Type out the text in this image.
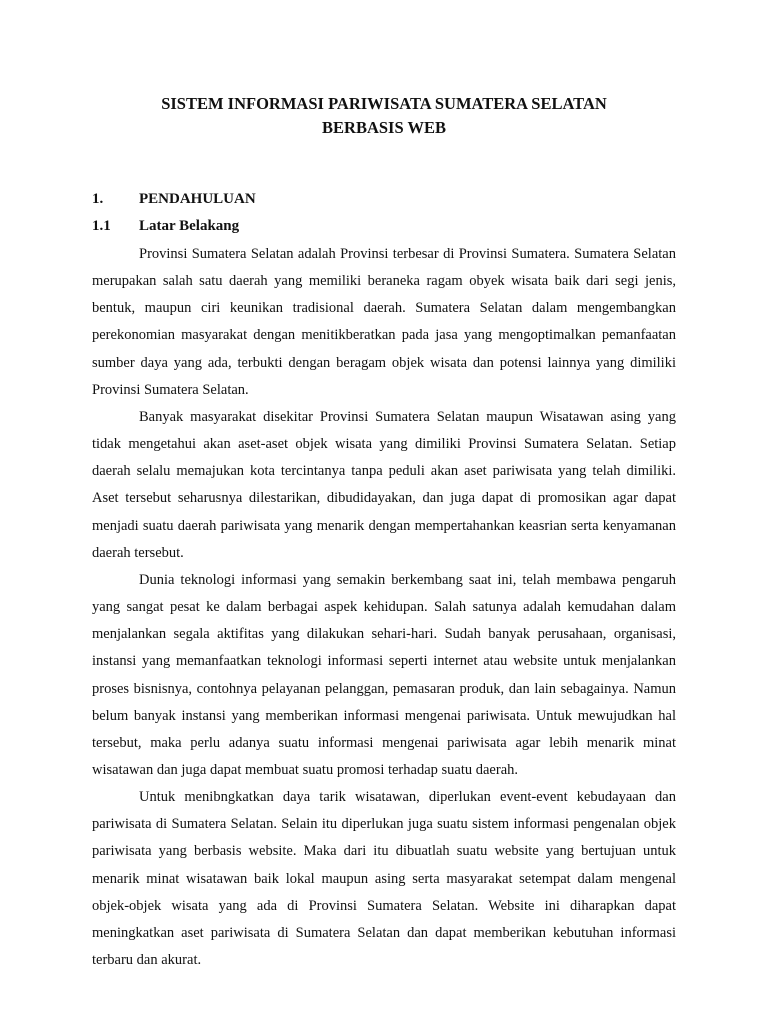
SISTEM INFORMASI PARIWISATA SUMATERA SELATAN
BERBASIS WEB
1. PENDAHULUAN
1.1 Latar Belakang

Provinsi Sumatera Selatan adalah Provinsi terbesar di Provinsi Sumatera. Sumatera Selatan merupakan salah satu daerah yang memiliki beraneka ragam obyek wisata baik dari segi jenis, bentuk, maupun ciri keunikan tradisional daerah. Sumatera Selatan dalam mengembangkan perekonomian masyarakat dengan menitikberatkan pada jasa yang mengoptimalkan pemanfaatan sumber daya yang ada, terbukti dengan beragam objek wisata dan potensi lainnya yang dimiliki Provinsi Sumatera Selatan.

Banyak masyarakat disekitar Provinsi Sumatera Selatan maupun Wisatawan asing yang tidak mengetahui akan aset-aset objek wisata yang dimiliki Provinsi Sumatera Selatan. Setiap daerah selalu memajukan kota tercintanya tanpa peduli akan aset pariwisata yang telah dimiliki. Aset tersebut seharusnya dilestarikan, dibudidayakan, dan juga dapat di promosikan agar dapat menjadi suatu daerah pariwisata yang menarik dengan mempertahankan keasrian serta kenyamanan daerah tersebut.

Dunia teknologi informasi yang semakin berkembang saat ini, telah membawa pengaruh yang sangat pesat ke dalam berbagai aspek kehidupan. Salah satunya adalah kemudahan dalam menjalankan segala aktifitas yang dilakukan sehari-hari. Sudah banyak perusahaan, organisasi, instansi yang memanfaatkan teknologi informasi seperti internet atau website untuk menjalankan proses bisnisnya, contohnya pelayanan pelanggan, pemasaran produk, dan lain sebagainya. Namun belum banyak instansi yang memberikan informasi mengenai pariwisata. Untuk mewujudkan hal tersebut, maka perlu adanya suatu informasi mengenai pariwisata agar lebih menarik minat wisatawan dan juga dapat membuat suatu promosi terhadap suatu daerah.

Untuk menibngkatkan daya tarik wisatawan, diperlukan event-event kebudayaan dan pariwisata di Sumatera Selatan. Selain itu diperlukan juga suatu sistem informasi pengenalan objek pariwisata yang berbasis website. Maka dari itu dibuatlah suatu website yang bertujuan untuk menarik minat wisatawan baik lokal maupun asing serta masyarakat setempat dalam mengenal objek-objek wisata yang ada di Provinsi Sumatera Selatan. Website ini diharapkan dapat meningkatkan aset pariwisata di Sumatera Selatan dan dapat memberikan kebutuhan informasi terbaru dan akurat.
